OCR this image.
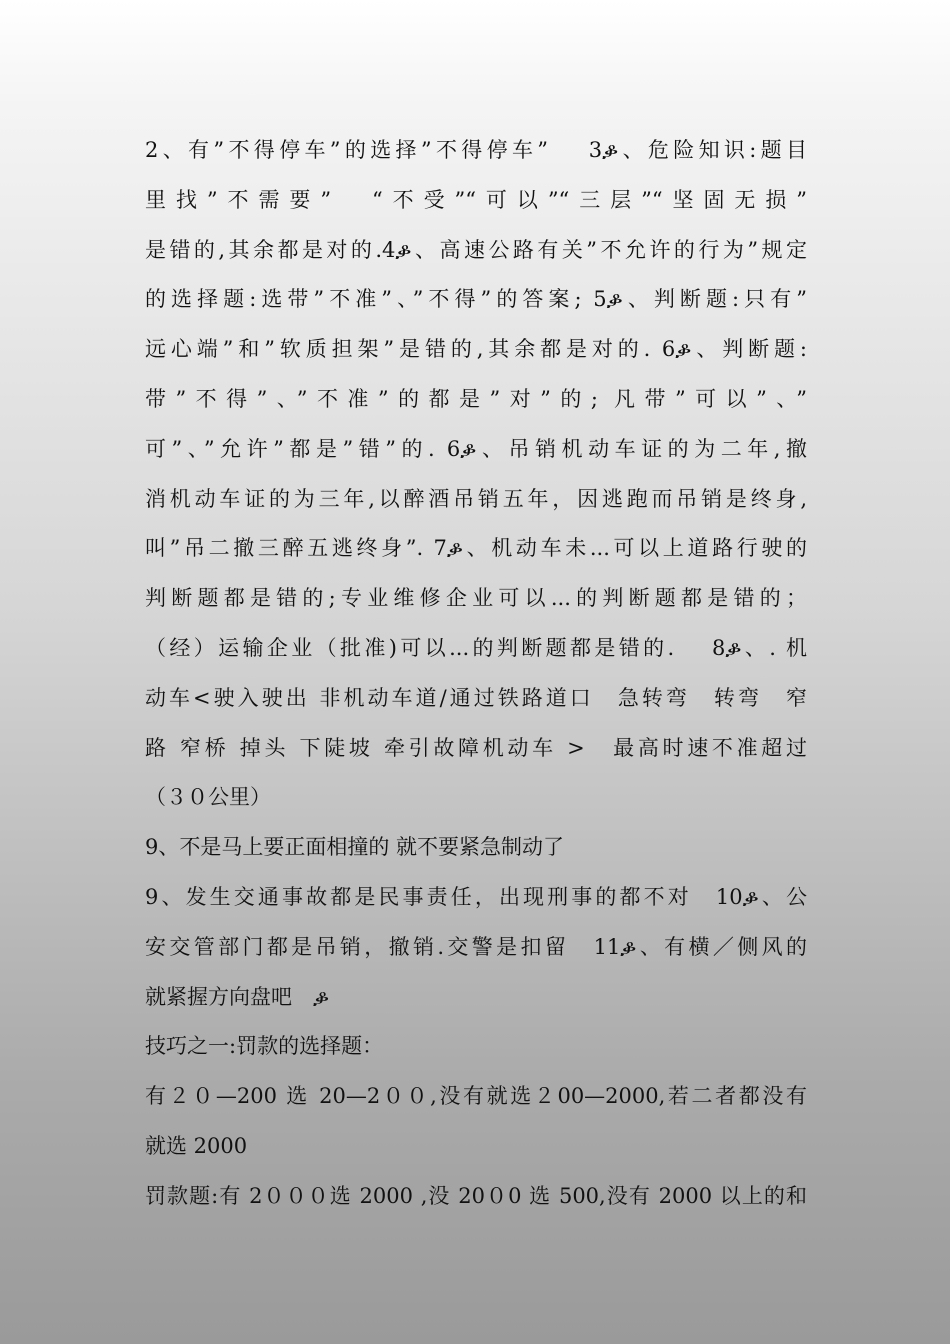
2、有”不得停车”的选择”不得停车”　 3ቇ、危险知识:题目
里找”不需要”　“不受”“可以”“三层”“坚固无损”
是错的,其余都是对的.4ቇ、高速公路有关”不允许的行为”规定
的选择题:选带”不准”、”不得”的答案; 5ቇ、判断题:只有”
远心端”和”软质担架”是错的,其余都是对的. 6ቇ、判断题:
带”不得”、”不准”的都是”对”的; 凡带”可以”、”
可”、”允许”都是”错”的. 6ቇ、吊销机动车证的为二年,撤
消机动车证的为三年,以醉酒吊销五年，因逃跑而吊销是终身,
叫”吊二撤三醉五逃终身”. 7ቇ、机动车未...可以上道路行驶的
判断题都是错的;专业维修企业可以...的判断题都是错的；
（经）运输企业（批准)可以...的判断题都是错的.　 8ቇ、. 机
动车<驶入驶出 非机动车道/通过铁路道口　急转弯　转弯　窄
路 窄桥 掉头 下陡坡 牵引故障机动车 >　最高时速不准超过
（３０公里）
9、不是马上要正面相撞的 就不要紧急制动了
9、发生交通事故都是民事责任，出现刑事的都不对　10ቇ、公
安交管部门都是吊销，撤销.交警是扣留　11ቇ、有横／侧风的
就紧握方向盘吧　ቇ
技巧之一:罚款的选择题：
有２０—200 选 20—2００,没有就选２00—2000,若二者都没有
就选 2000
罚款题:有 2０００选 2000 ,没 20０0 选 500,没有 2000 以上的和
